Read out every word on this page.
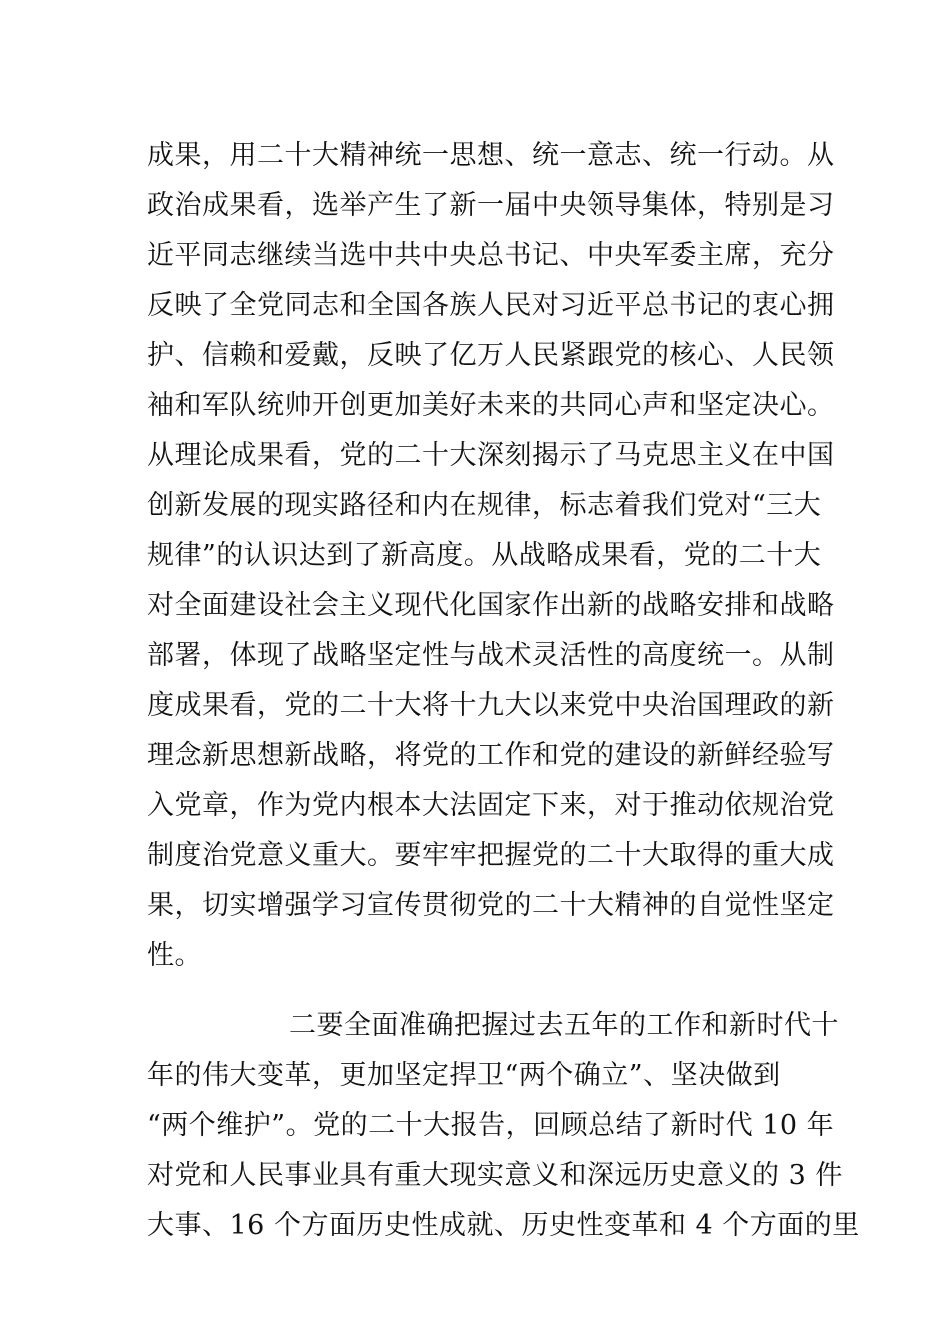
成果，用二十大精神统一思想、统一意志、统一行动。从
政治成果看，选举产生了新一届中央领导集体，特别是习
近平同志继续当选中共中央总书记、中央军委主席，充分
反映了全党同志和全国各族人民对习近平总书记的衷心拥
护、信赖和爱戴，反映了亿万人民紧跟党的核心、人民领
袖和军队统帅开创更加美好未来的共同心声和坚定决心。
从理论成果看，党的二十大深刻揭示了马克思主义在中国
创新发展的现实路径和内在规律，标志着我们党对“三大
规律”的认识达到了新高度。从战略成果看，党的二十大
对全面建设社会主义现代化国家作出新的战略安排和战略
部署，体现了战略坚定性与战术灵活性的高度统一。从制
度成果看，党的二十大将十九大以来党中央治国理政的新
理念新思想新战略，将党的工作和党的建设的新鲜经验写
入党章，作为党内根本大法固定下来，对于推动依规治党
制度治党意义重大。要牢牢把握党的二十大取得的重大成
果，切实增强学习宣传贯彻党的二十大精神的自觉性坚定
性。
二要全面准确把握过去五年的工作和新时代十
年的伟大变革，更加坚定捍卫“两个确立”、坚决做到
“两个维护”。党的二十大报告，回顾总结了新时代 10 年
对党和人民事业具有重大现实意义和深远历史意义的 3 件
大事、16 个方面历史性成就、历史性变革和 4 个方面的里
